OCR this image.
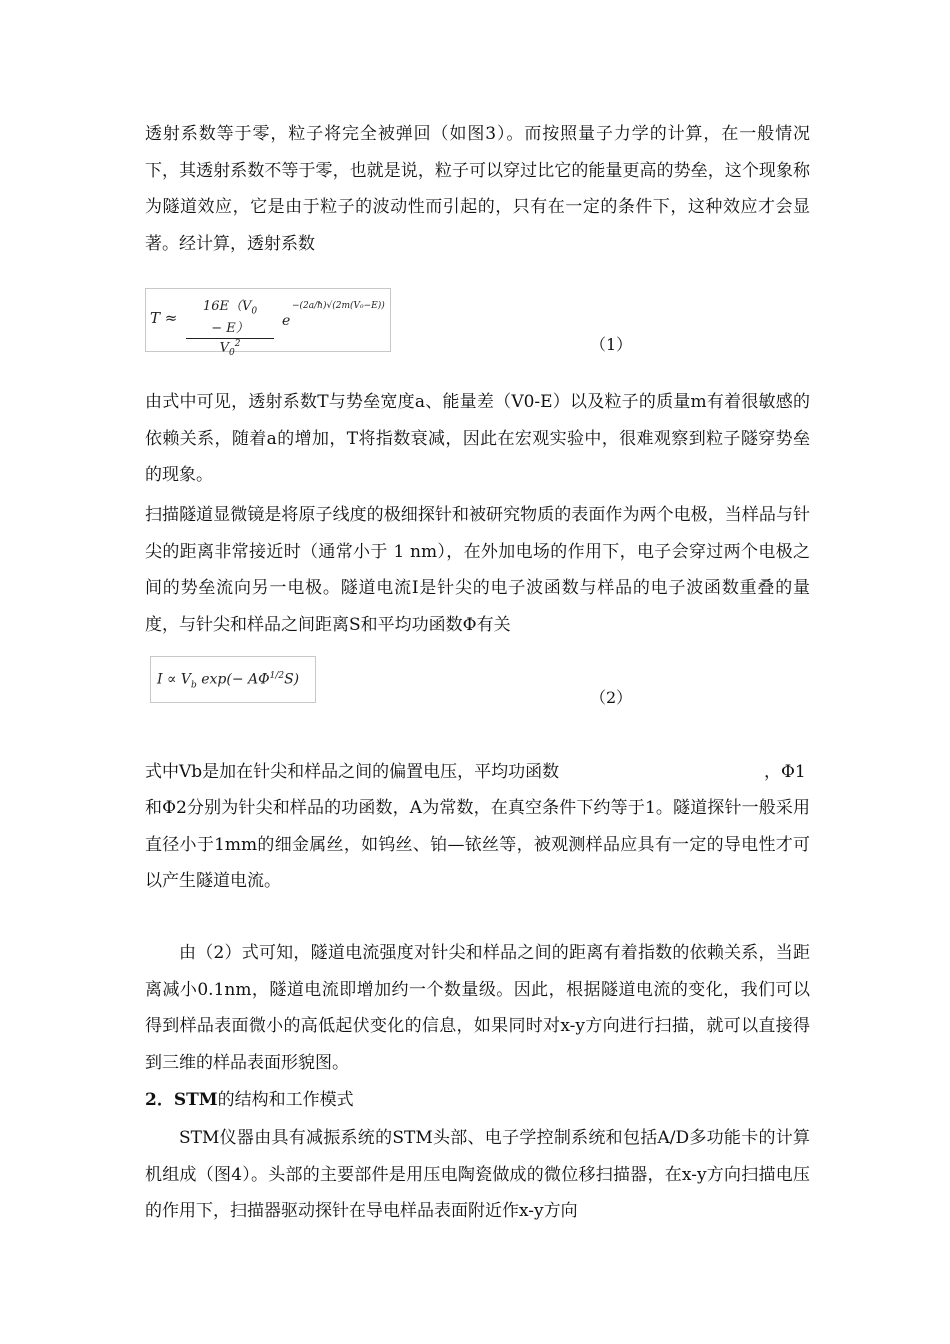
透射系数等于零，粒子将完全被弹回（如图3）。而按照量子力学的计算，在一般情况下，其透射系数不等于零，也就是说，粒子可以穿过比它的能量更高的势垒，这个现象称为隧道效应，它是由于粒子的波动性而引起的，只有在一定的条件下，这种效应才会显著。经计算，透射系数

T ≈
$16E(V_0 - E)$
$V_0^2$
e
−(2a/ħ)√(2m(V₀−E))
（1）

由式中可见，透射系数T与势垒宽度a、能量差（V0-E）以及粒子的质量m有着很敏感的依赖关系，随着a的增加，T将指数衰减，因此在宏观实验中，很难观察到粒子隧穿势垒的现象。

扫描隧道显微镜是将原子线度的极细探针和被研究物质的表面作为两个电极，当样品与针尖的距离非常接近时（通常小于 1 nm），在外加电场的作用下，电子会穿过两个电极之间的势垒流向另一电极。隧道电流I是针尖的电子波函数与样品的电子波函数重叠的量度，与针尖和样品之间距离S和平均功函数Φ有关

$I \propto V_b$ $\exp(- A\Phi^{1/2}S)$
（2）

式中Vb是加在针尖和样品之间的偏置电压，平均功函数	，Φ1

和Φ2分别为针尖和样品的功函数，A为常数，在真空条件下约等于1。隧道探针一般采用直径小于1mm的细金属丝，如钨丝、铂—铱丝等，被观测样品应具有一定的导电性才可以产生隧道电流。

由（2）式可知，隧道电流强度对针尖和样品之间的距离有着指数的依赖关系，当距离减小0.1nm，隧道电流即增加约一个数量级。因此，根据隧道电流的变化，我们可以得到样品表面微小的高低起伏变化的信息，如果同时对x-y方向进行扫描，就可以直接得到三维的样品表面形貌图。

2．STM的结构和工作模式

STM仪器由具有减振系统的STM头部、电子学控制系统和包括A/D多功能卡的计算机组成（图4）。头部的主要部件是用压电陶瓷做成的微位移扫描器，在x-y方向扫描电压的作用下，扫描器驱动探针在导电样品表面附近作x-y方向
